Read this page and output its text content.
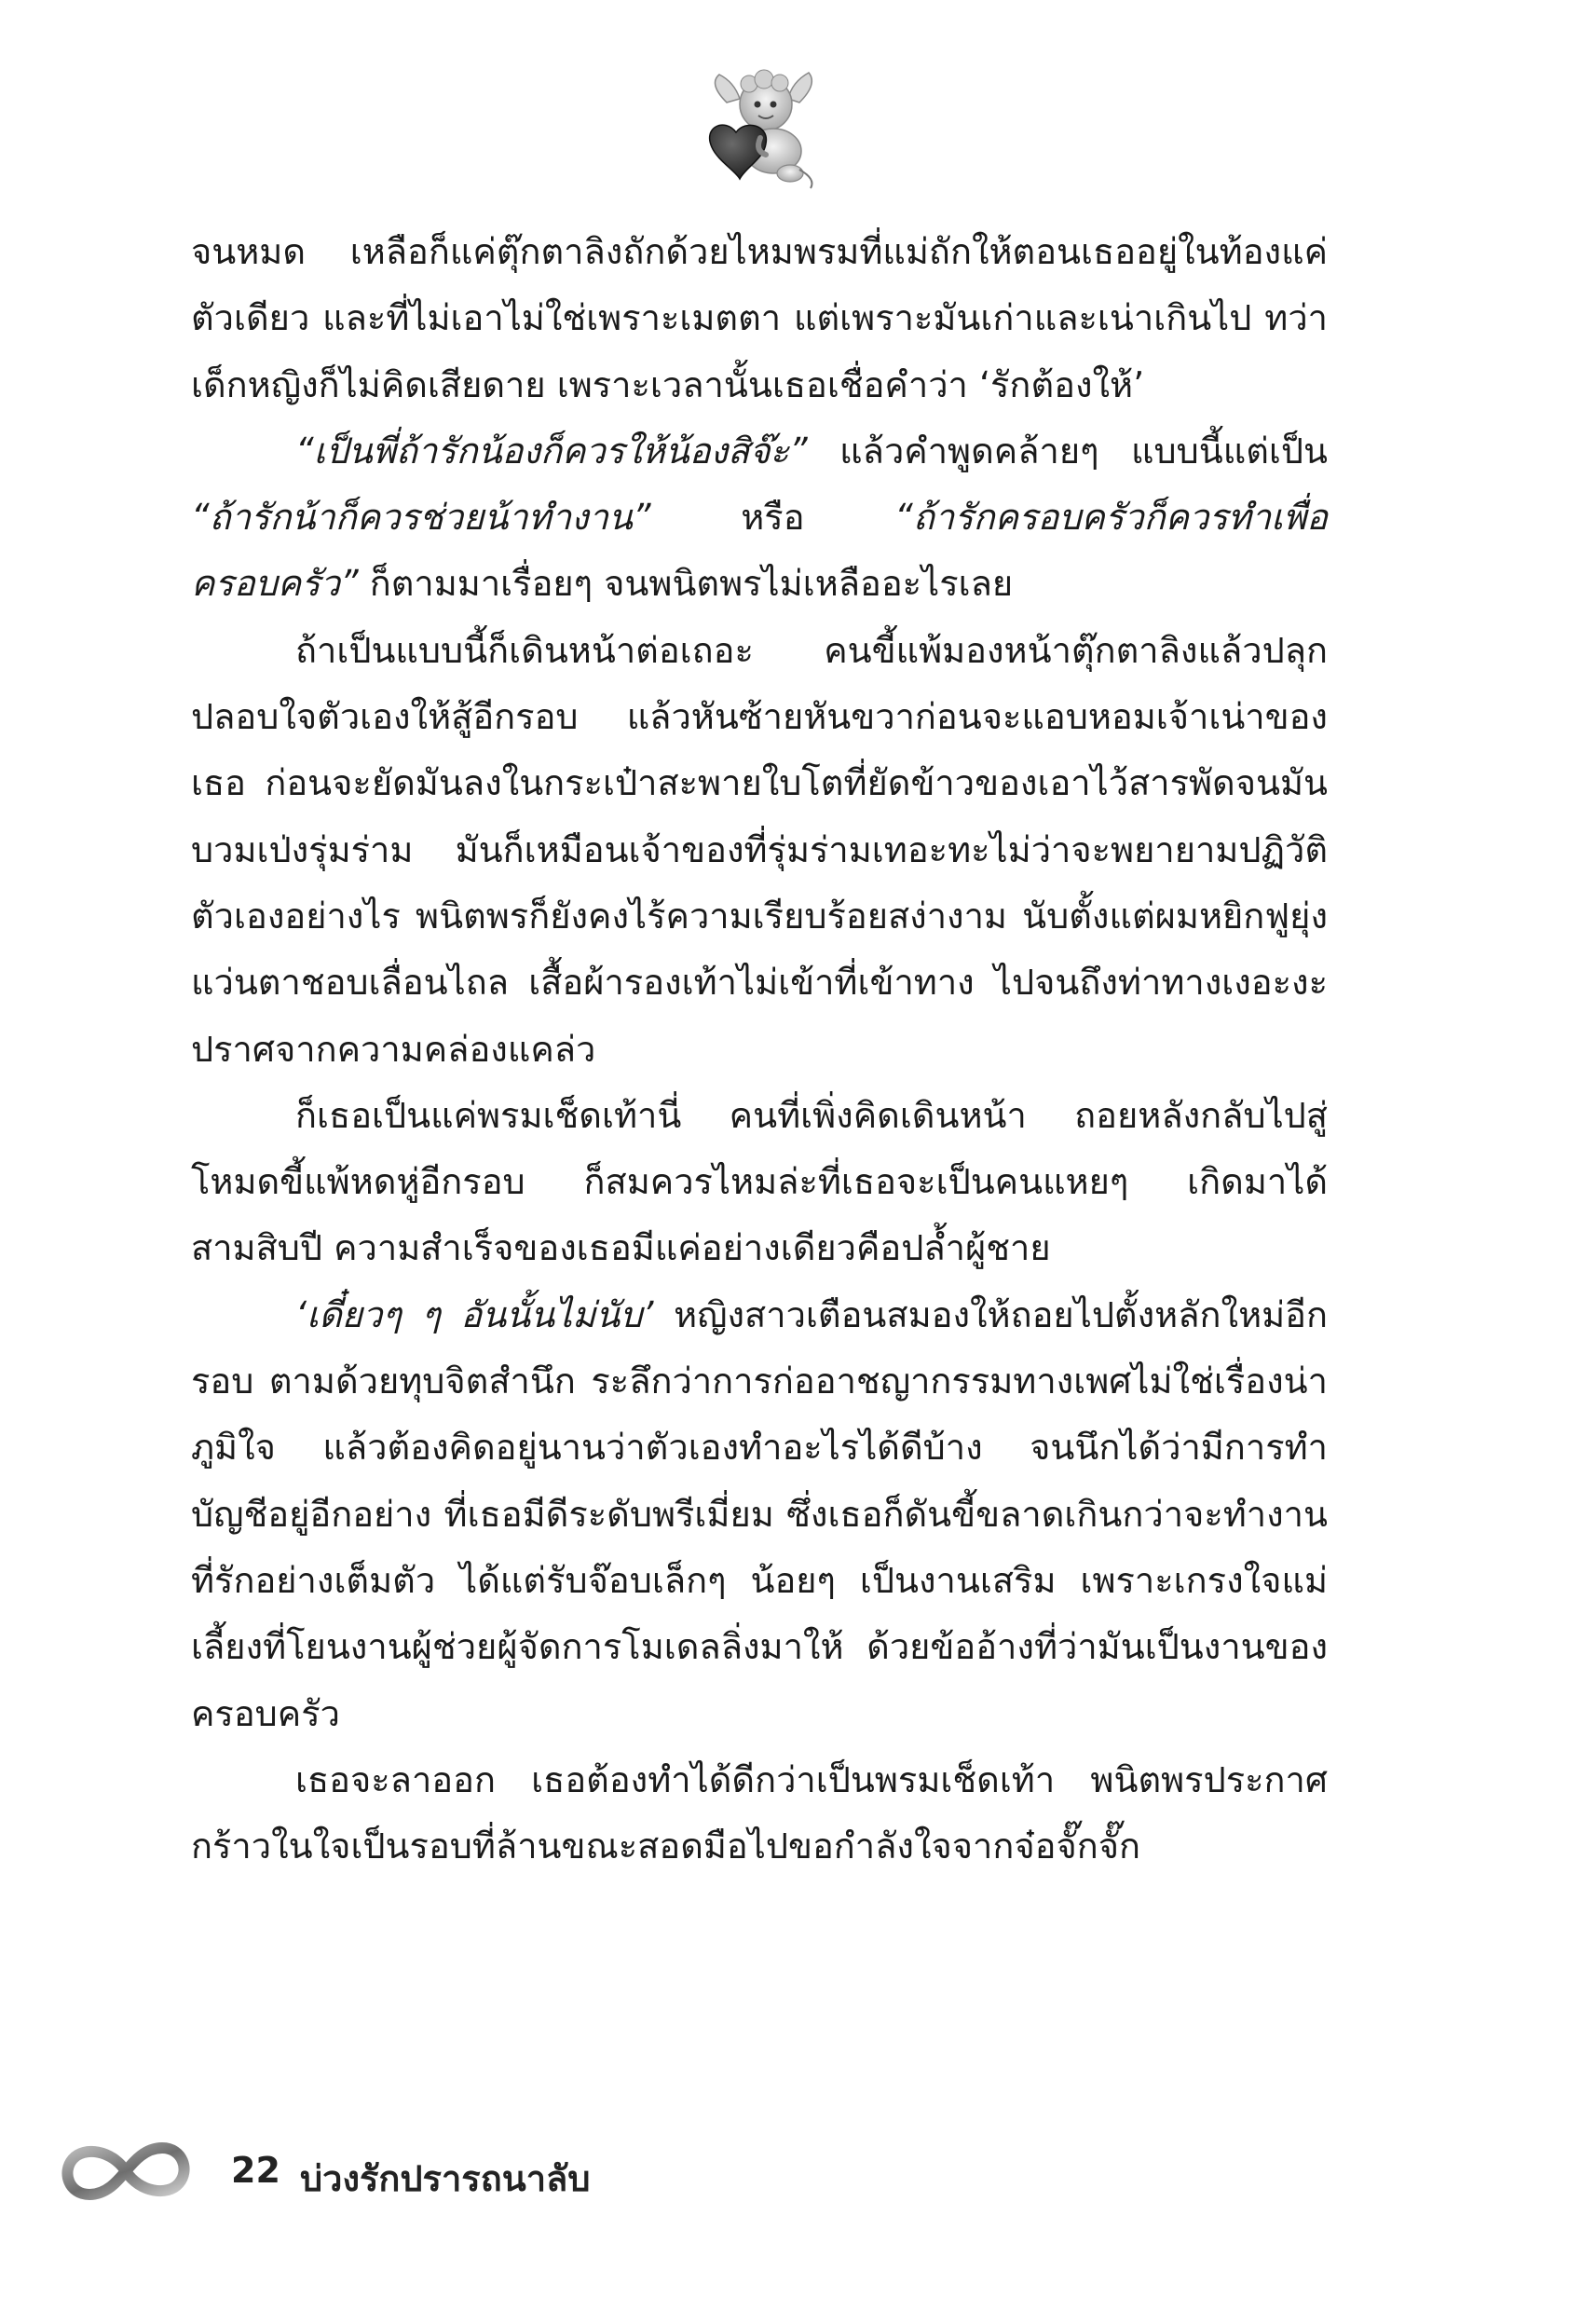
จนหมด เหลือก็แค่ตุ๊กตาลิงถักด้วยไหมพรมที่แม่ถักให้ตอนเธออยู่ในท้องแค่ตัวเดียว และที่ไม่เอาไม่ใช่เพราะเมตตา แต่เพราะมันเก่าและเน่าเกินไป ทว่าเด็กหญิงก็ไม่คิดเสียดาย เพราะเวลานั้นเธอเชื่อคำว่า ‘รักต้องให้’

“เป็นพี่ถ้ารักน้องก็ควรให้น้องสิจ๊ะ” แล้วคำพูดคล้ายๆ แบบนี้แต่เป็น “ถ้ารักน้าก็ควรช่วยน้าทำงาน” หรือ “ถ้ารักครอบครัวก็ควรทำเพื่อครอบครัว” ก็ตามมาเรื่อยๆ จนพนิตพรไม่เหลืออะไรเลย

ถ้าเป็นแบบนี้ก็เดินหน้าต่อเถอะ คนขี้แพ้มองหน้าตุ๊กตาลิงแล้วปลุกปลอบใจตัวเองให้สู้อีกรอบ แล้วหันซ้ายหันขวาก่อนจะแอบหอมเจ้าเน่าของเธอ ก่อนจะยัดมันลงในกระเป๋าสะพายใบโตที่ยัดข้าวของเอาไว้สารพัดจนมันบวมเป่งรุ่มร่าม มันก็เหมือนเจ้าของที่รุ่มร่ามเทอะทะไม่ว่าจะพยายามปฏิวัติตัวเองอย่างไร พนิตพรก็ยังคงไร้ความเรียบร้อยสง่างาม นับตั้งแต่ผมหยิกฟูยุ่ง แว่นตาชอบเลื่อนไถล เสื้อผ้ารองเท้าไม่เข้าที่เข้าทาง ไปจนถึงท่าทางเงอะงะปราศจากความคล่องแคล่ว

ก็เธอเป็นแค่พรมเช็ดเท้านี่ คนที่เพิ่งคิดเดินหน้า ถอยหลังกลับไปสู่โหมดขี้แพ้หดหู่อีกรอบ ก็สมควรไหมล่ะที่เธอจะเป็นคนแหยๆ เกิดมาได้สามสิบปี ความสำเร็จของเธอมีแค่อย่างเดียวคือปล้ำผู้ชาย

‘เดี๋ยวๆ ๆ อันนั้นไม่นับ’ หญิงสาวเตือนสมองให้ถอยไปตั้งหลักใหม่อีกรอบ ตามด้วยทุบจิตสำนึก ระลึกว่าการก่ออาชญากรรมทางเพศไม่ใช่เรื่องน่าภูมิใจ แล้วต้องคิดอยู่นานว่าตัวเองทำอะไรได้ดีบ้าง จนนึกได้ว่ามีการทำบัญชีอยู่อีกอย่าง ที่เธอมีดีระดับพรีเมี่ยม ซึ่งเธอก็ดันขี้ขลาดเกินกว่าจะทำงานที่รักอย่างเต็มตัว ได้แต่รับจ๊อบเล็กๆ น้อยๆ เป็นงานเสริม เพราะเกรงใจแม่เลี้ยงที่โยนงานผู้ช่วยผู้จัดการโมเดลลิ่งมาให้ ด้วยข้ออ้างที่ว่ามันเป็นงานของครอบครัว

เธอจะลาออก เธอต้องทำได้ดีกว่าเป็นพรมเช็ดเท้า พนิตพรประกาศกร้าวในใจเป็นรอบที่ล้านขณะสอดมือไปขอกำลังใจจากจ๋อจั๊กจั๊ก

22 บ่วงรักปรารถนาลับ
